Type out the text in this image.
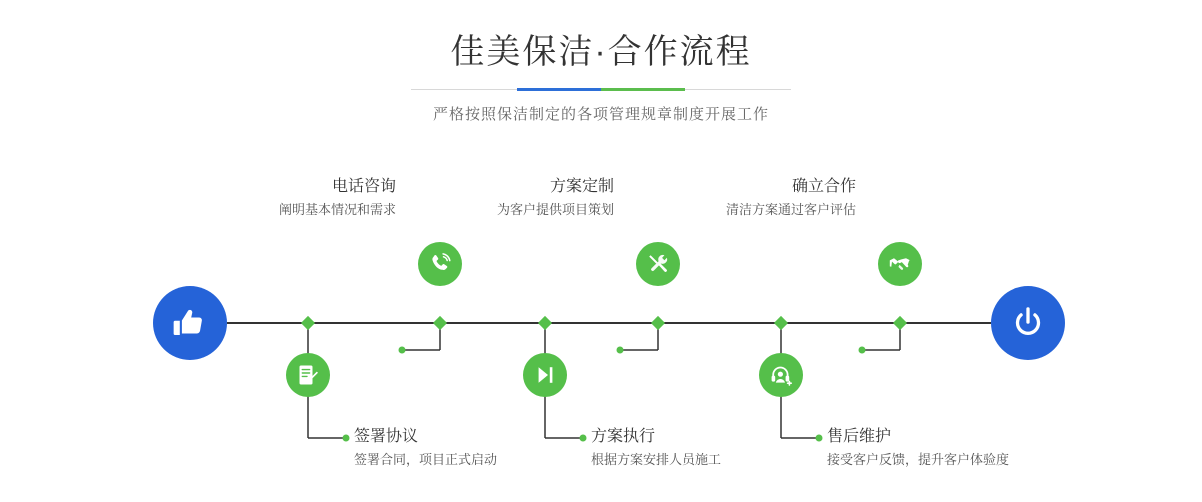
佳美保洁·合作流程
严格按照保洁制定的各项管理规章制度开展工作
电话咨询
阐明基本情况和需求
方案定制
为客户提供项目策划
确立合作
清洁方案通过客户评估
签署协议
签署合同，项目正式启动
方案执行
根据方案安排人员施工
售后维护
接受客户反馈，提升客户体验度
